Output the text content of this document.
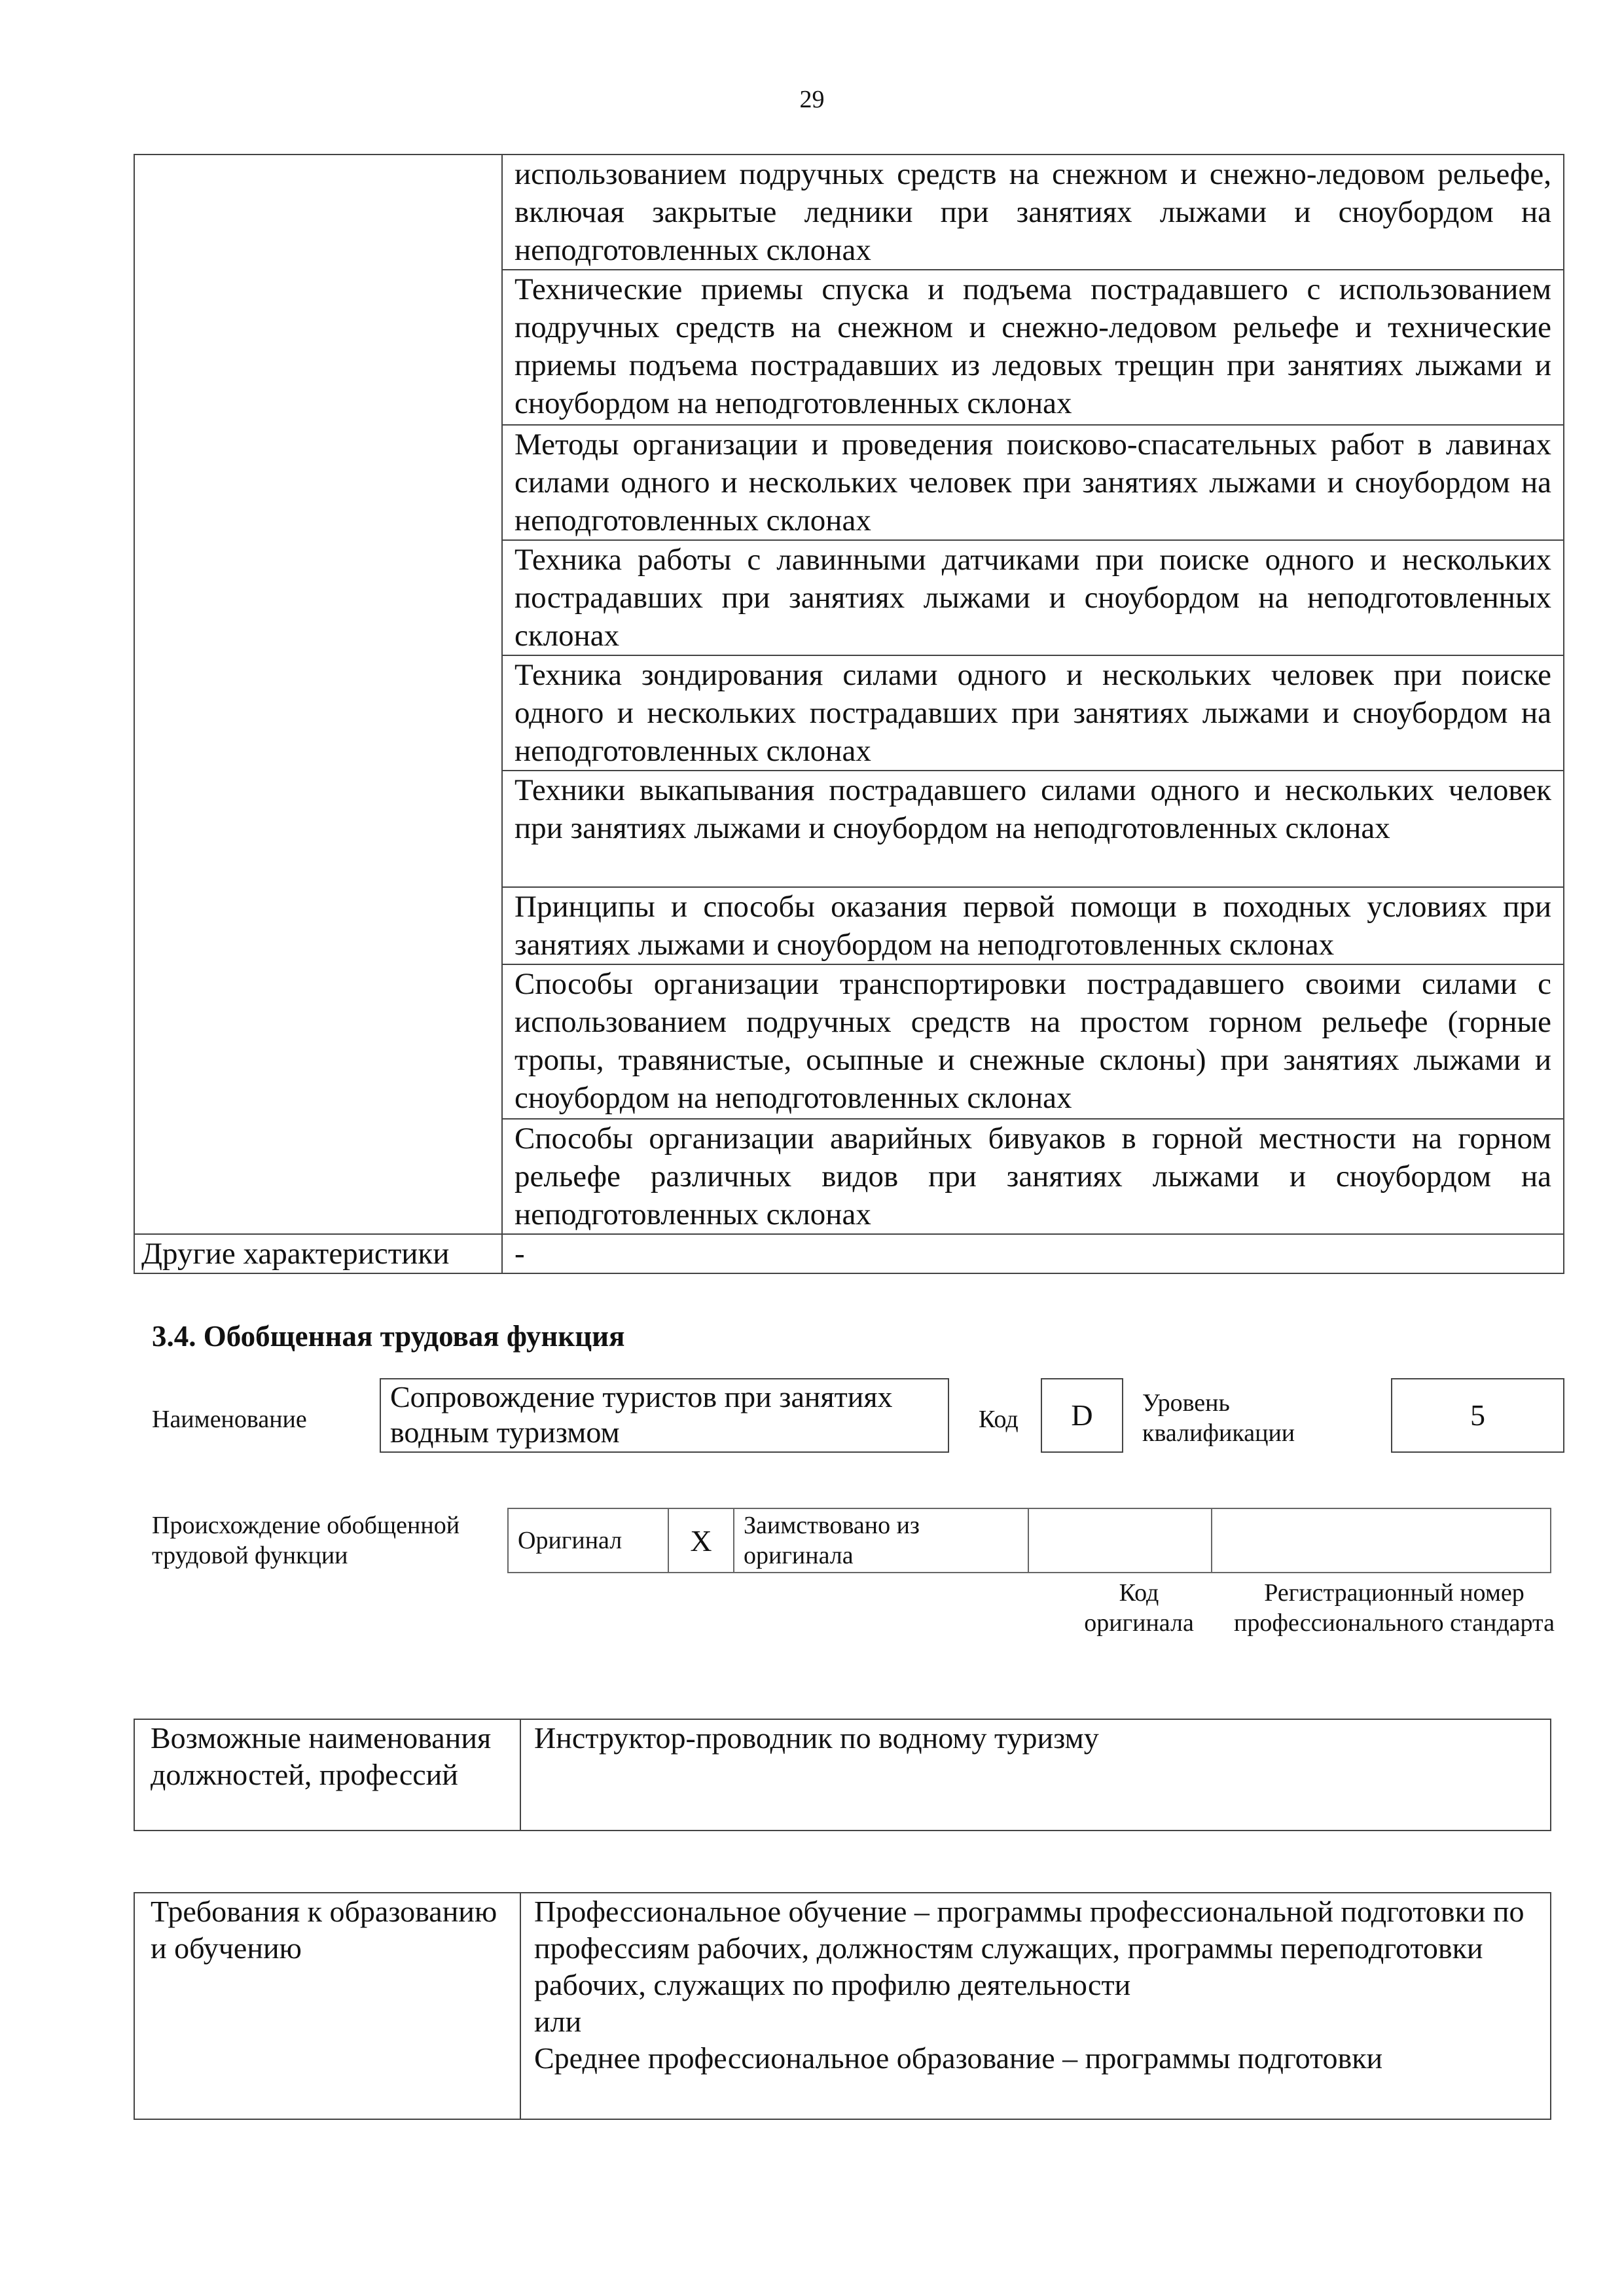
29
	использованием подручных средств на снежном и снежно-ледовом рельефе, включая закрытые ледники при занятиях лыжами и сноубордом на неподготовленных склонах
	Технические приемы спуска и подъема пострадавшего с использованием подручных средств на снежном и снежно-ледовом рельефе и технические приемы подъема пострадавших из ледовых трещин при занятиях лыжами и сноубордом на неподготовленных склонах
	Методы организации и проведения поисково-спасательных работ в лавинах силами одного и нескольких человек при занятиях лыжами и сноубордом на неподготовленных склонах
	Техника работы с лавинными датчиками при поиске одного и нескольких пострадавших при занятиях лыжами и сноубордом на неподготовленных склонах
	Техника зондирования силами одного и нескольких человек при поиске одного и нескольких пострадавших при занятиях лыжами и сноубордом на неподготовленных склонах
	Техники выкапывания пострадавшего силами одного и нескольких человек при занятиях лыжами и сноубордом на неподготовленных склонах
	Принципы и способы оказания первой помощи в походных условиях при занятиях лыжами и сноубордом на неподготовленных склонах
	Способы организации транспортировки пострадавшего своими силами с использованием подручных средств на простом горном рельефе (горные тропы, травянистые, осыпные и снежные склоны) при занятиях лыжами и сноубордом на неподготовленных склонах
	Способы организации аварийных бивуаков в горной местности на горном рельефе различных видов при занятиях лыжами и сноубордом на неподготовленных склонах
Другие характеристики	-
3.4. Обобщенная трудовая функция
Наименование
Сопровождение туристов при занятиях водным туризмом	Код	D	Уровень квалификации
5
Происхождение обобщенной трудовой функции
Оригинал	X	Заимствовано из оригинала		
Код оригинала
Регистрационный номер профессионального стандарта
Возможные наименования должностей, профессий	Инструктор-проводник по водному туризму
Требования к образованию и обучению	Профессиональное обучение – программы профессиональной подготовки по профессиям рабочих, должностям служащих, программы переподготовки рабочих, служащих по профилю деятельности
или
Среднее профессиональное образование – программы подготовки
